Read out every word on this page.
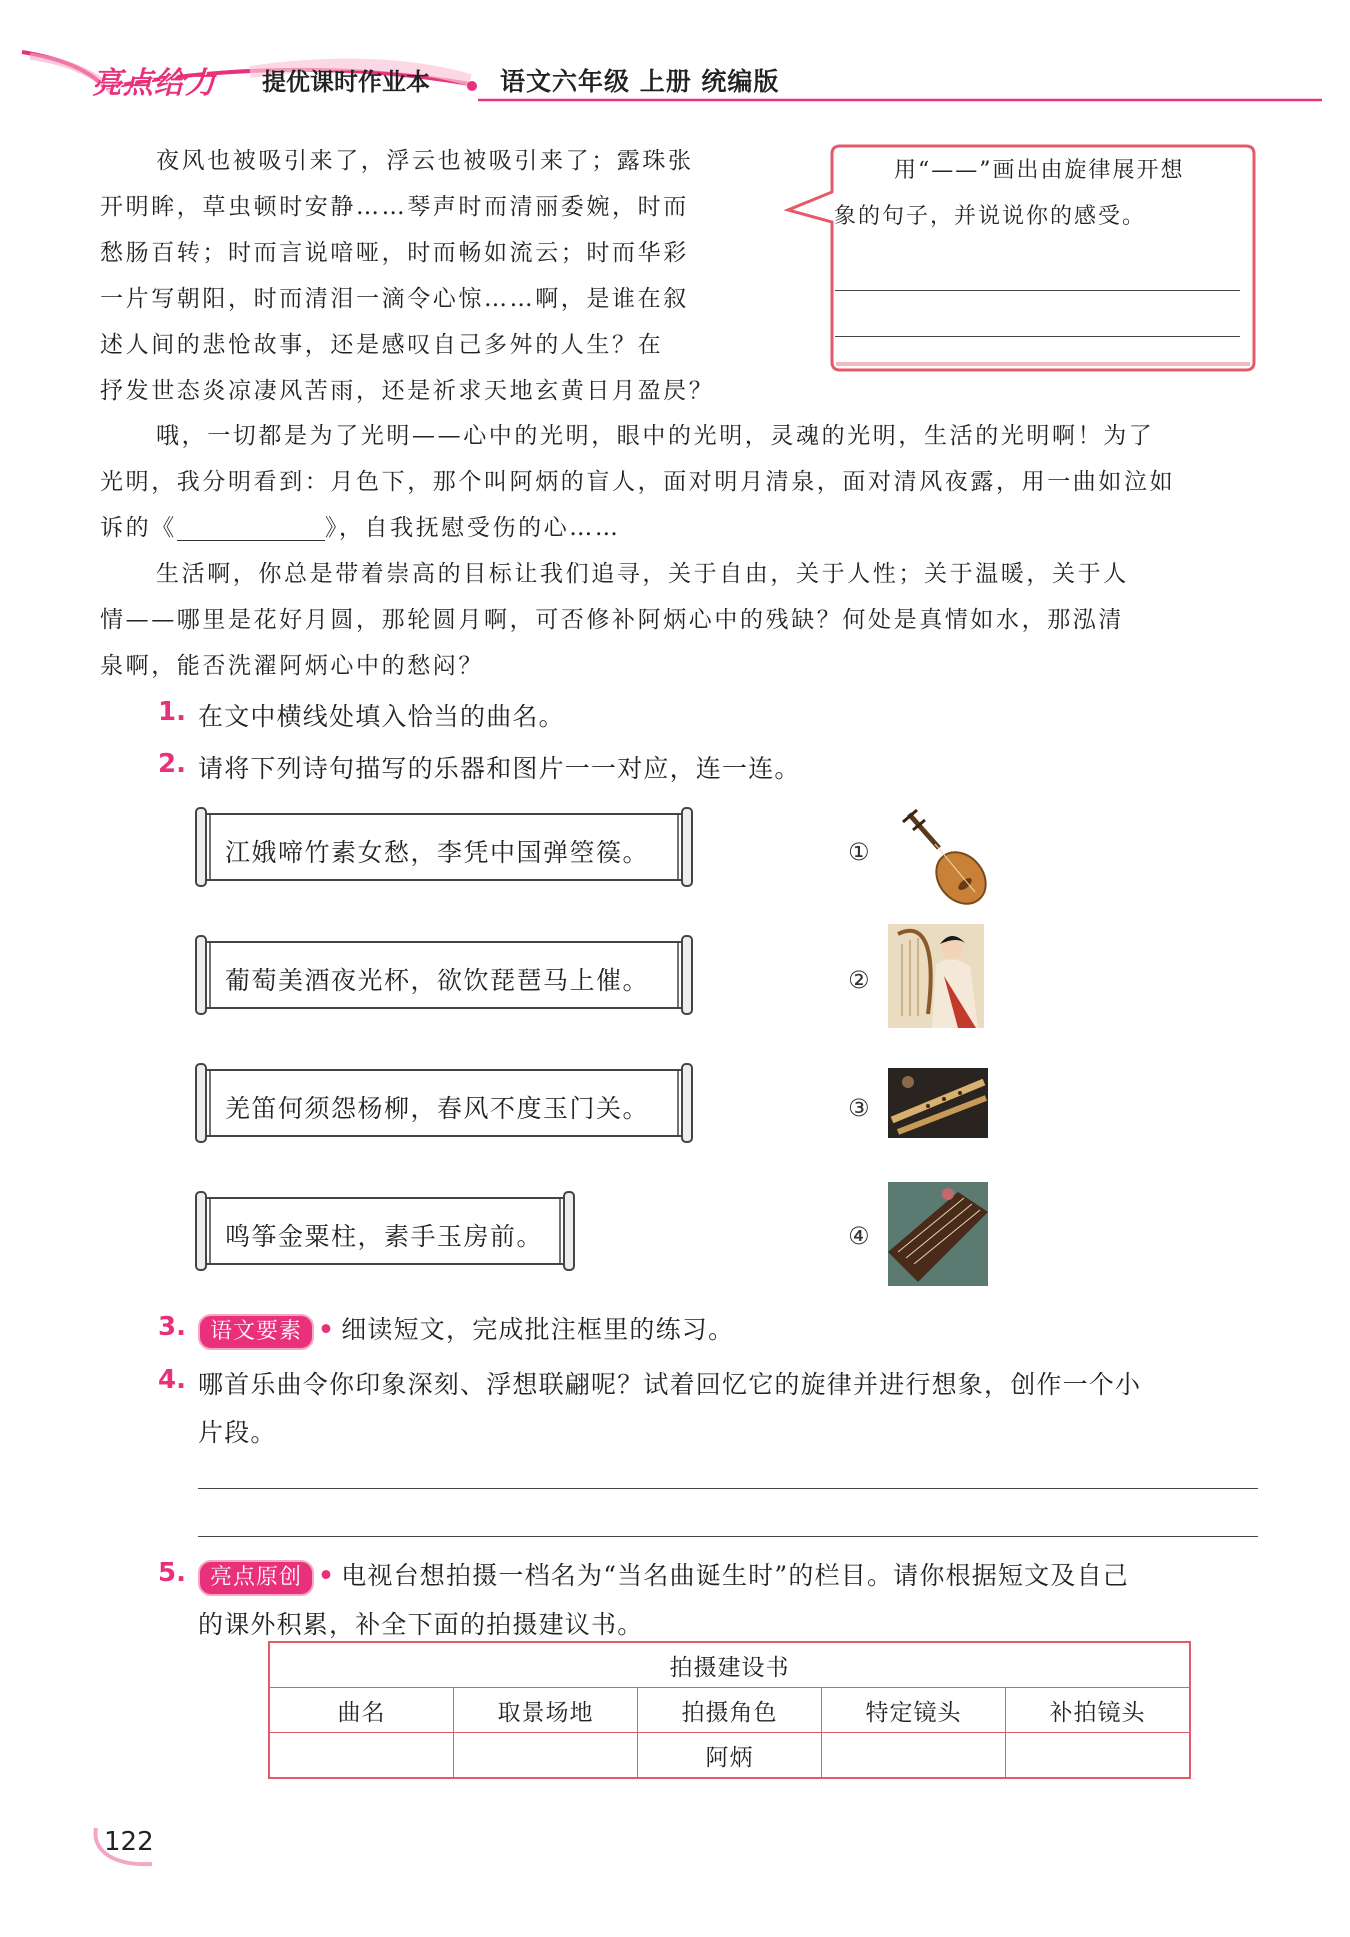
亮点给力 提优课时作业本	语文六年级 上册 统编版
夜风也被吸引来了，浮云也被吸引来了；露珠张
开明眸，草虫顿时安静……琴声时而清丽委婉，时而
愁肠百转；时而言说喑哑，时而畅如流云；时而华彩
一片写朝阳，时而清泪一滴令心惊……啊，是谁在叙
述人间的悲怆故事，还是感叹自己多舛的人生？在
抒发世态炎凉凄风苦雨，还是祈求天地玄黄日月盈昃？
用“——”画出由旋律展开想
象的句子，并说说你的感受。
哦，一切都是为了光明——心中的光明，眼中的光明，灵魂的光明，生活的光明啊！为了
光明，我分明看到：月色下，那个叫阿炳的盲人，面对明月清泉，面对清风夜露，用一曲如泣如
诉的《	》，自我抚慰受伤的心……
生活啊，你总是带着崇高的目标让我们追寻，关于自由，关于人性；关于温暖，关于人
情——哪里是花好月圆，那轮圆月啊，可否修补阿炳心中的残缺？何处是真情如水，那泓清
泉啊，能否洗濯阿炳心中的愁闷？
1. 在文中横线处填入恰当的曲名。
2. 请将下列诗句描写的乐器和图片一一对应，连一连。
江娥啼竹素女愁，李凭中国弹箜篌。
葡萄美酒夜光杯，欲饮琵琶马上催。
羌笛何须怨杨柳，春风不度玉门关。
鸣筝金粟柱，素手玉房前。
①
②
③
④
3.	语文要素 • 细读短文，完成批注框里的练习。
4. 哪首乐曲令你印象深刻、浮想联翩呢？试着回忆它的旋律并进行想象，创作一个小
片段。
5.	亮点原创 • 电视台想拍摄一档名为“当名曲诞生时”的栏目。请你根据短文及自己
的课外积累，补全下面的拍摄建议书。
拍摄建设书				
曲名	取景场地	拍摄角色	特定镜头	补拍镜头
		阿炳		
122
